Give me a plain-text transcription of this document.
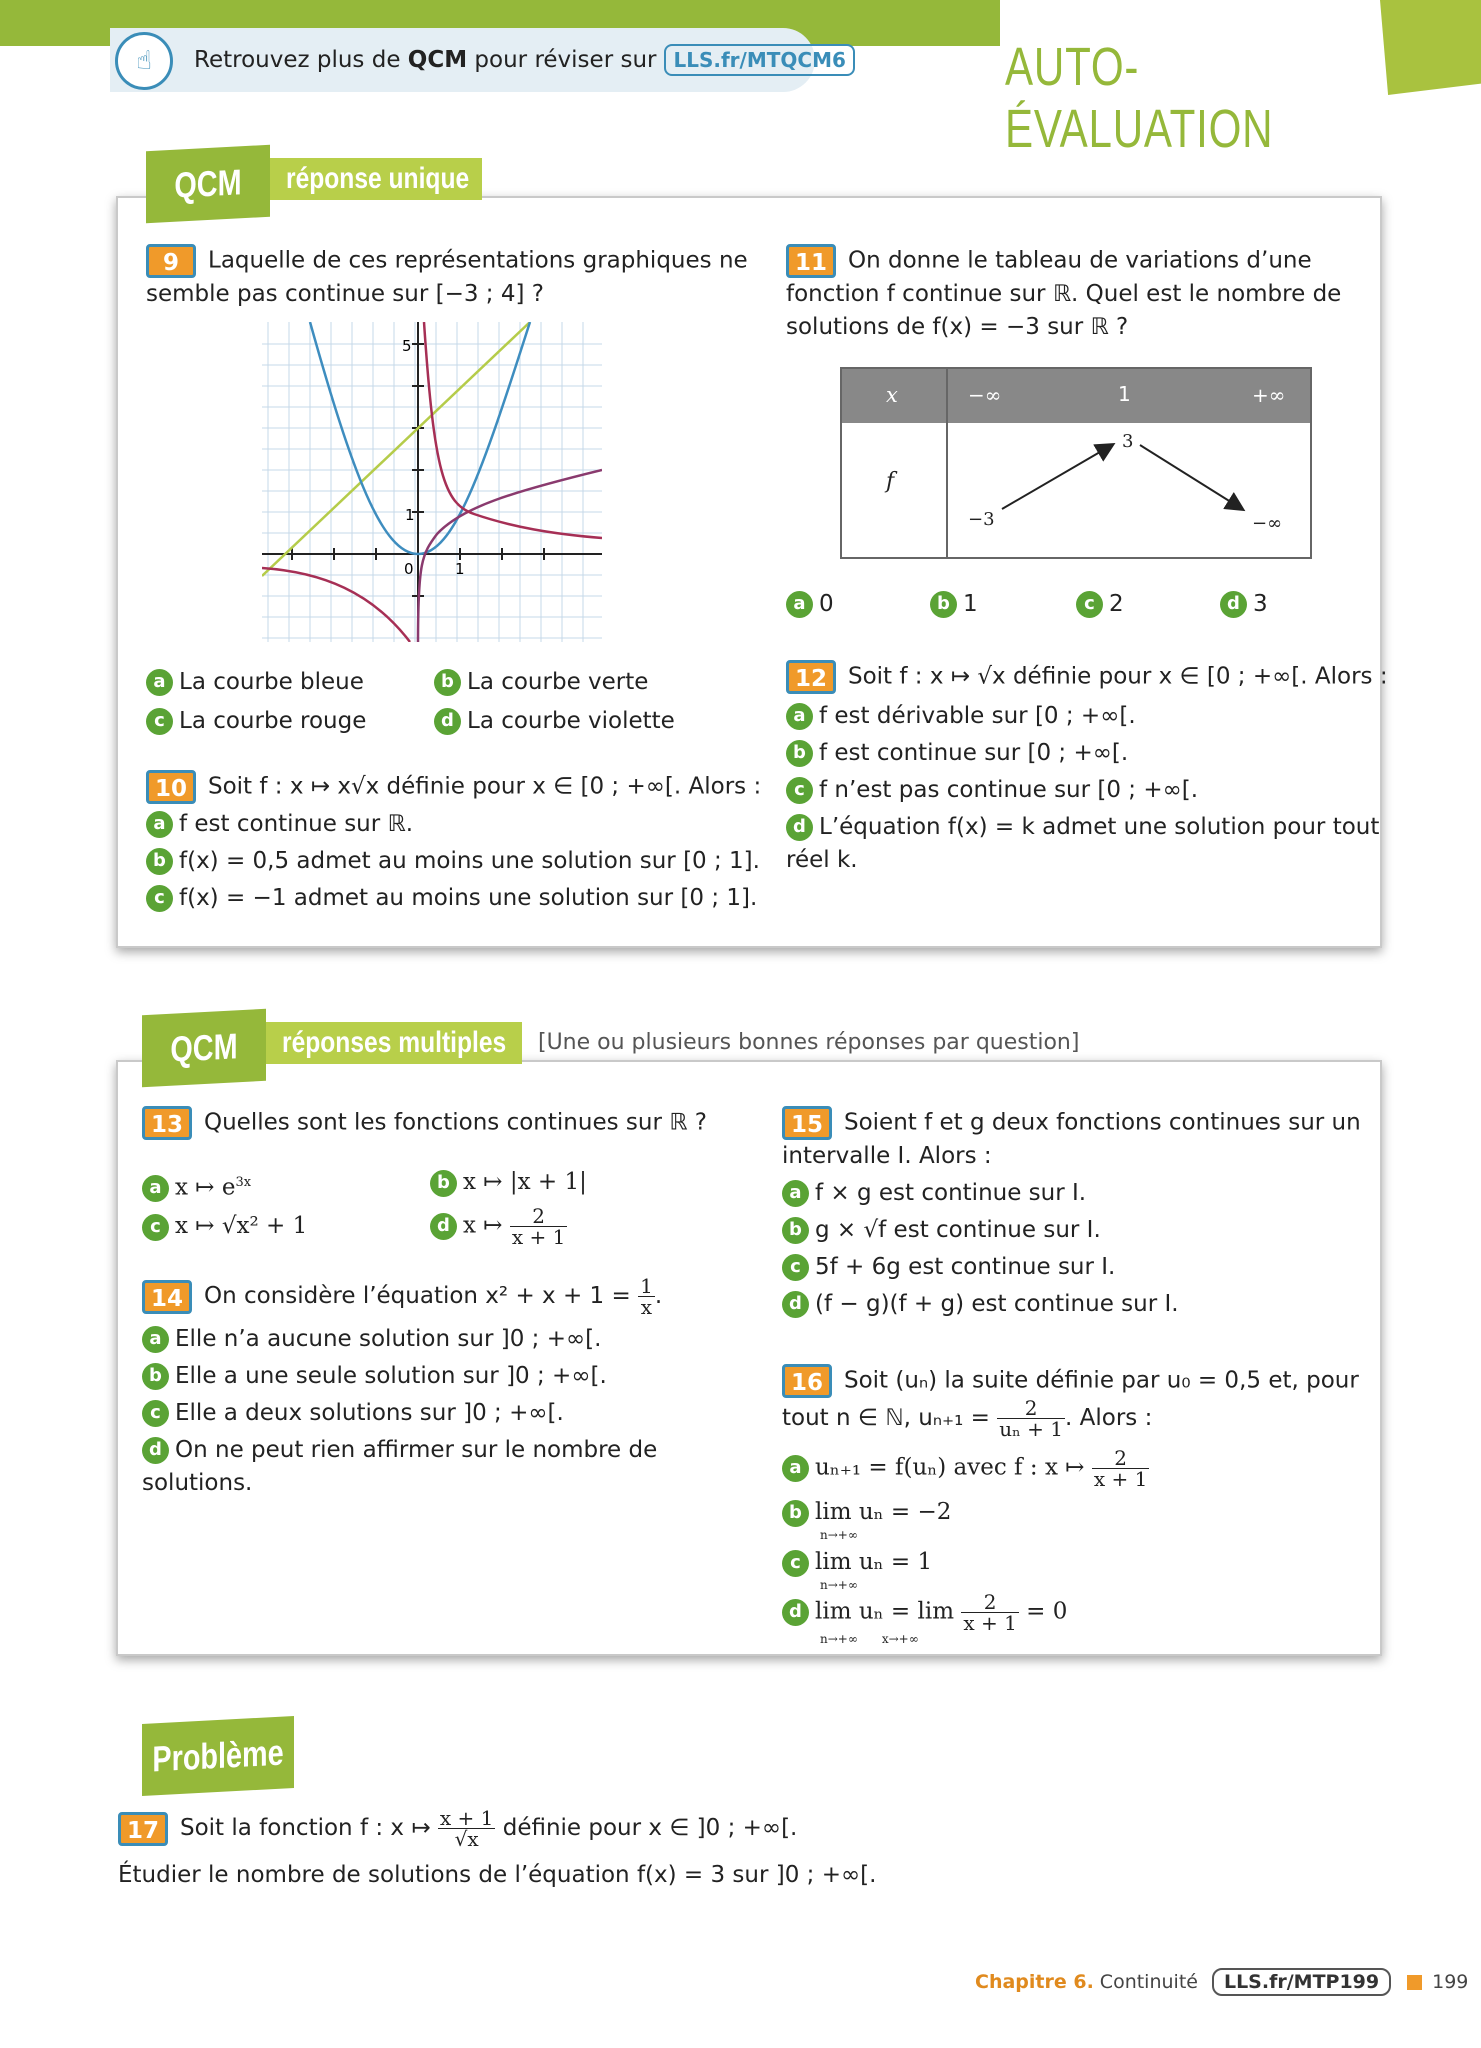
Retrouvez plus de QCM pour réviser sur LLS.fr/MTQCM6
☝	AUTO-ÉVALUATION
QCM réponse unique
9 Laquelle de ces représentations graphiques ne
semble pas continue sur [−3 ; 4] ?
5
1
0	1
a La courbe bleue
c La courbe rouge
b La courbe verte
d La courbe violette
10 Soit f : x ↦ x√x définie pour x ∈ [0 ; +∞[. Alors :
a f est continue sur ℝ.
b f(x) = 0,5 admet au moins une solution sur [0 ; 1].
c f(x) = −1 admet au moins une solution sur [0 ; 1].
11 On donne le tableau de variations d’une
fonction f continue sur ℝ. Quel est le nombre de
solutions de f(x) = −3 sur ℝ ?
x	−∞	1	+∞
f
−3
3
−∞
a 0	b 1	c 2	d 3
12 Soit f : x ↦ √x définie pour x ∈ [0 ; +∞[. Alors :
a f est dérivable sur [0 ; +∞[.
b f est continue sur [0 ; +∞[.
c f n’est pas continue sur [0 ; +∞[.
d L’équation f(x) = k admet une solution pour tout
réel k.
QCM réponses multiples [Une ou plusieurs bonnes réponses par question]
13 Quelles sont les fonctions continues sur ℝ ?
a x ↦ $e^{3x}$	b x ↦ |x + 1|
c x ↦ √x² + 1	d x ↦ $\frac{2}{x + 1}$
14 On considère l’équation $x^2 + x + 1 = \frac{1}{x}$ .
a Elle n’a aucune solution sur ]0 ; +∞[.
b Elle a une seule solution sur ]0 ; +∞[.
c Elle a deux solutions sur ]0 ; +∞[.
d On ne peut rien affirmer sur le nombre de
solutions.
15 Soient f et g deux fonctions continues sur un
intervalle I. Alors :
a f × g est continue sur I.
b g × √f est continue sur I.
c 5f + 6g est continue sur I.
d (f − g)(f + g) est continue sur I.
16 Soit (uₙ) la suite définie par u₀ = 0,5 et, pour
tout n ∈ ℕ, $u_{n+1} = \frac{2}{\text{uₙ + 1}}$ . Alors :
a uₙ₊₁ = f(uₙ) avec f : x ↦ $\frac{2}{x + 1}$
b lim uₙ = −2
n→+∞
c lim uₙ = 1
n→+∞
d $\lim u_n = \lim \frac{2}{x + 1} = 0$
n→+∞ x→+∞
Problème
17 Soit la fonction f : x ↦ $\frac{x + 1}{√x}$ définie pour x ∈ ]0 ; +∞[.
Étudier le nombre de solutions de l’équation f(x) = 3 sur ]0 ; +∞[.
Chapitre 6. Continuité	LLS.fr/MTP199	199
